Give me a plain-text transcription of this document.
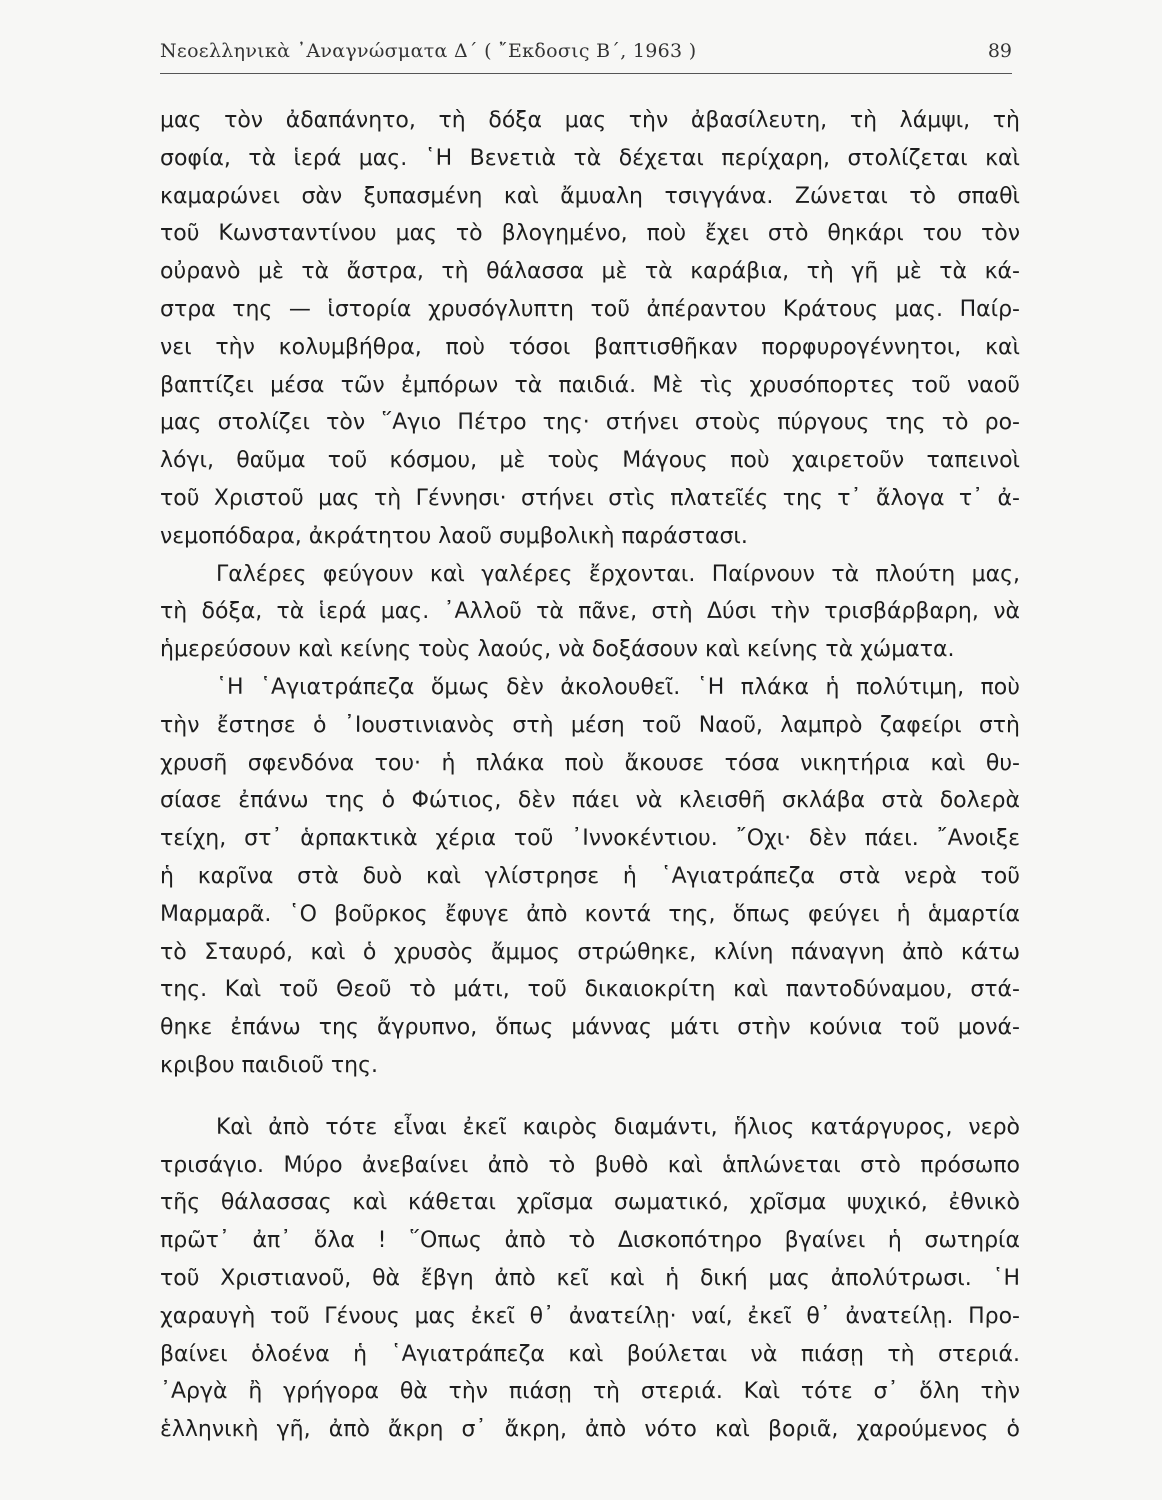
Νεοελληνικὰ ᾿Αναγνώσματα Δ΄ ( ῎Εκδοσις Β΄, 1963 )	89
μας τὸν ἀδαπάνητο, τὴ δόξα μας τὴν ἀβασίλευτη, τὴ λάμψι, τὴ
σοφία, τὰ ἱερά μας. ῾Η Βενετιὰ τὰ δέχεται περίχαρη, στολίζεται καὶ
καμαρώνει σὰν ξυπασμένη καὶ ἄμυαλη τσιγγάνα. Ζώνεται τὸ σπαθὶ
τοῦ Κωνσταντίνου μας τὸ βλογημένο, ποὺ ἔχει στὸ θηκάρι του τὸν
οὐρανὸ μὲ τὰ ἄστρα, τὴ θάλασσα μὲ τὰ καράβια, τὴ γῆ μὲ τὰ κά-
στρα της — ἱστορία χρυσόγλυπτη τοῦ ἀπέραντου Κράτους μας. Παίρ-
νει τὴν κολυμβήθρα, ποὺ τόσοι βαπτισθῆκαν πορφυρογέννητοι, καὶ
βαπτίζει μέσα τῶν ἐμπόρων τὰ παιδιά. Μὲ τὶς χρυσόπορτες τοῦ ναοῦ
μας στολίζει τὸν ῞Αγιο Πέτρο της· στήνει στοὺς πύργους της τὸ ρο-
λόγι, θαῦμα τοῦ κόσμου, μὲ τοὺς Μάγους ποὺ χαιρετοῦν ταπεινοὶ
τοῦ Χριστοῦ μας τὴ Γέννησι· στήνει στὶς πλατεῖές της τ᾿ ἄλογα τ᾿ ἀ-
νεμοπόδαρα, ἀκράτητου λαοῦ συμβολικὴ παράστασι.
Γαλέρες φεύγουν καὶ γαλέρες ἔρχονται. Παίρνουν τὰ πλούτη μας,
τὴ δόξα, τὰ ἱερά μας. ᾿Αλλοῦ τὰ πᾶνε, στὴ Δύσι τὴν τρισβάρβαρη, νὰ
ἡμερεύσουν καὶ κείνης τοὺς λαούς, νὰ δοξάσουν καὶ κείνης τὰ χώματα.
῾Η ῾Αγιατράπεζα ὅμως δὲν ἀκολουθεῖ. ῾Η πλάκα ἡ πολύτιμη, ποὺ
τὴν ἔστησε ὁ ᾿Ιουστινιανὸς στὴ μέση τοῦ Ναοῦ, λαμπρὸ ζαφείρι στὴ
χρυσῆ σφενδόνα του· ἡ πλάκα ποὺ ἄκουσε τόσα νικητήρια καὶ θυ-
σίασε ἐπάνω της ὁ Φώτιος, δὲν πάει νὰ κλεισθῆ σκλάβα στὰ δολερὰ
τείχη, στ᾿ ἁρπακτικὰ χέρια τοῦ ᾿Ιννοκέντιου. ῎Οχι· δὲν πάει. ῎Ανοιξε
ἡ καρῖνα στὰ δυὸ καὶ γλίστρησε ἡ ῾Αγιατράπεζα στὰ νερὰ τοῦ
Μαρμαρᾶ. ῾Ο βοῦρκος ἔφυγε ἀπὸ κοντά της, ὅπως φεύγει ἡ ἁμαρτία
τὸ Σταυρό, καὶ ὁ χρυσὸς ἄμμος στρώθηκε, κλίνη πάναγνη ἀπὸ κάτω
της. Καὶ τοῦ Θεοῦ τὸ μάτι, τοῦ δικαιοκρίτη καὶ παντοδύναμου, στά-
θηκε ἐπάνω της ἄγρυπνο, ὅπως μάννας μάτι στὴν κούνια τοῦ μονά-
κριβου παιδιοῦ της.
Καὶ ἀπὸ τότε εἶναι ἐκεῖ καιρὸς διαμάντι, ἥλιος κατάργυρος, νερὸ
τρισάγιο. Μύρο ἀνεβαίνει ἀπὸ τὸ βυθὸ καὶ ἁπλώνεται στὸ πρόσωπο
τῆς θάλασσας καὶ κάθεται χρῖσμα σωματικό, χρῖσμα ψυχικό, ἐθνικὸ
πρῶτ᾿ ἀπ᾿ ὅλα ! ῞Οπως ἀπὸ τὸ Δισκοπότηρο βγαίνει ἡ σωτηρία
τοῦ Χριστιανοῦ, θὰ ἔβγη ἀπὸ κεῖ καὶ ἡ δική μας ἀπολύτρωσι. ῾Η
χαραυγὴ τοῦ Γένους μας ἐκεῖ θ᾿ ἀνατείλῃ· ναί, ἐκεῖ θ᾿ ἀνατείλῃ. Προ-
βαίνει ὁλοένα ἡ ῾Αγιατράπεζα καὶ βούλεται νὰ πιάσῃ τὴ στεριά.
᾿Αργὰ ἢ γρήγορα θὰ τὴν πιάσῃ τὴ στεριά. Καὶ τότε σ᾿ ὅλη τὴν
ἑλληνικὴ γῆ, ἀπὸ ἄκρη σ᾿ ἄκρη, ἀπὸ νότο καὶ βοριᾶ, χαρούμενος ὁ
